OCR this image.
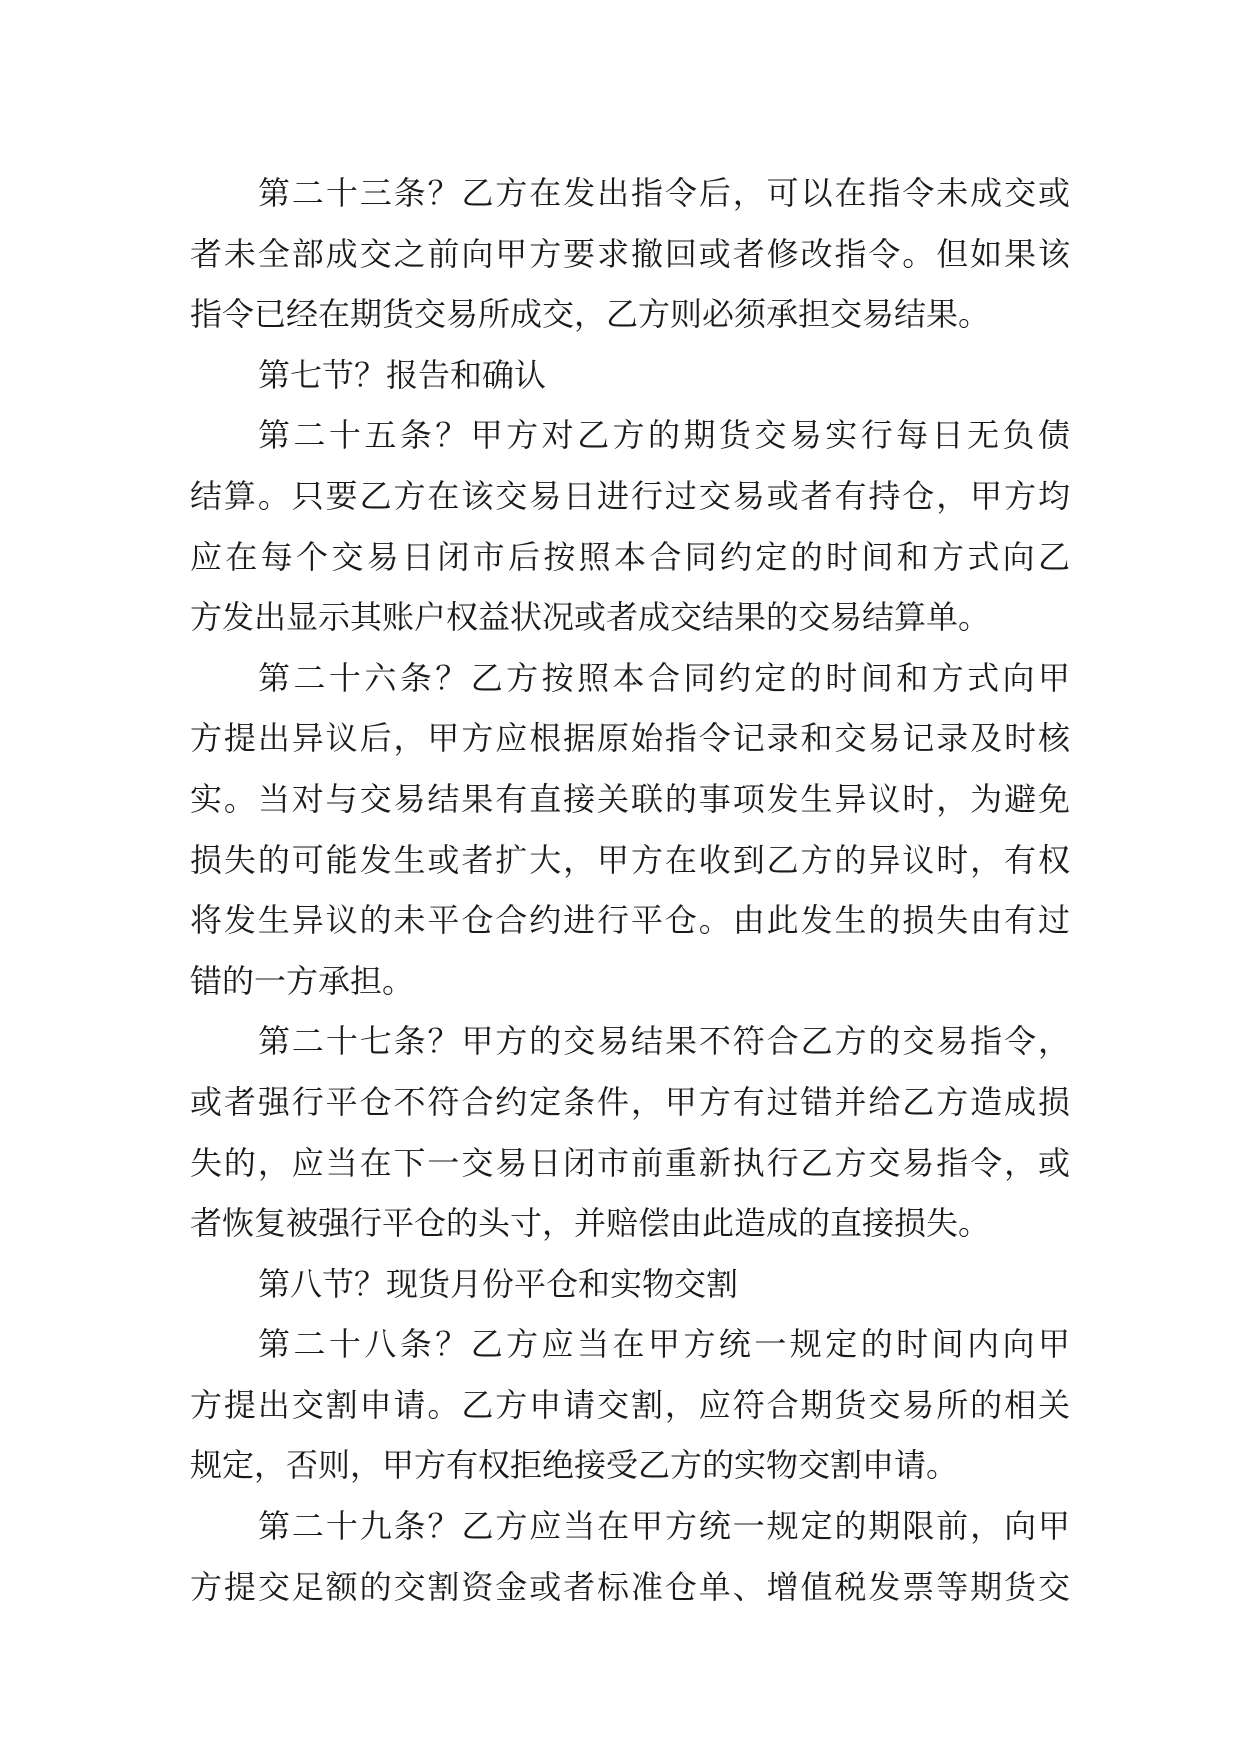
第二十三条？乙方在发出指令后，可以在指令未成交或
者未全部成交之前向甲方要求撤回或者修改指令。但如果该
指令已经在期货交易所成交，乙方则必须承担交易结果。
第七节？报告和确认
第二十五条？甲方对乙方的期货交易实行每日无负债
结算。只要乙方在该交易日进行过交易或者有持仓，甲方均
应在每个交易日闭市后按照本合同约定的时间和方式向乙
方发出显示其账户权益状况或者成交结果的交易结算单。
第二十六条？乙方按照本合同约定的时间和方式向甲
方提出异议后，甲方应根据原始指令记录和交易记录及时核
实。当对与交易结果有直接关联的事项发生异议时，为避免
损失的可能发生或者扩大，甲方在收到乙方的异议时，有权
将发生异议的未平仓合约进行平仓。由此发生的损失由有过
错的一方承担。
第二十七条？甲方的交易结果不符合乙方的交易指令，
或者强行平仓不符合约定条件，甲方有过错并给乙方造成损
失的，应当在下一交易日闭市前重新执行乙方交易指令，或
者恢复被强行平仓的头寸，并赔偿由此造成的直接损失。
第八节？现货月份平仓和实物交割
第二十八条？乙方应当在甲方统一规定的时间内向甲
方提出交割申请。乙方申请交割，应符合期货交易所的相关
规定，否则，甲方有权拒绝接受乙方的实物交割申请。
第二十九条？乙方应当在甲方统一规定的期限前，向甲
方提交足额的交割资金或者标准仓单、增值税发票等期货交
